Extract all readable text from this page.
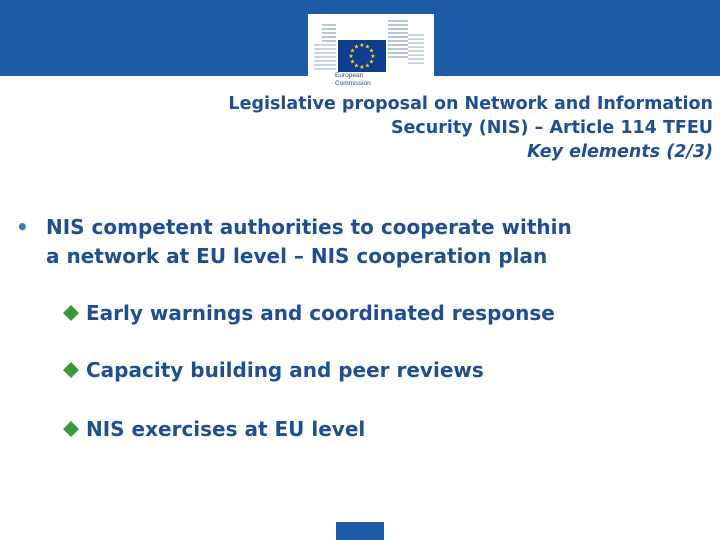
★ ★
★
★
★
★
★
★
★
★
★
★
European
Commission
Legislative proposal on Network and Information
Security (NIS) – Article 114 TFEU
Key elements (2/3)
• NIS competent authorities to cooperate within
a network at EU level – NIS cooperation plan
Early warnings and coordinated response
Capacity building and peer reviews
NIS exercises at EU level
